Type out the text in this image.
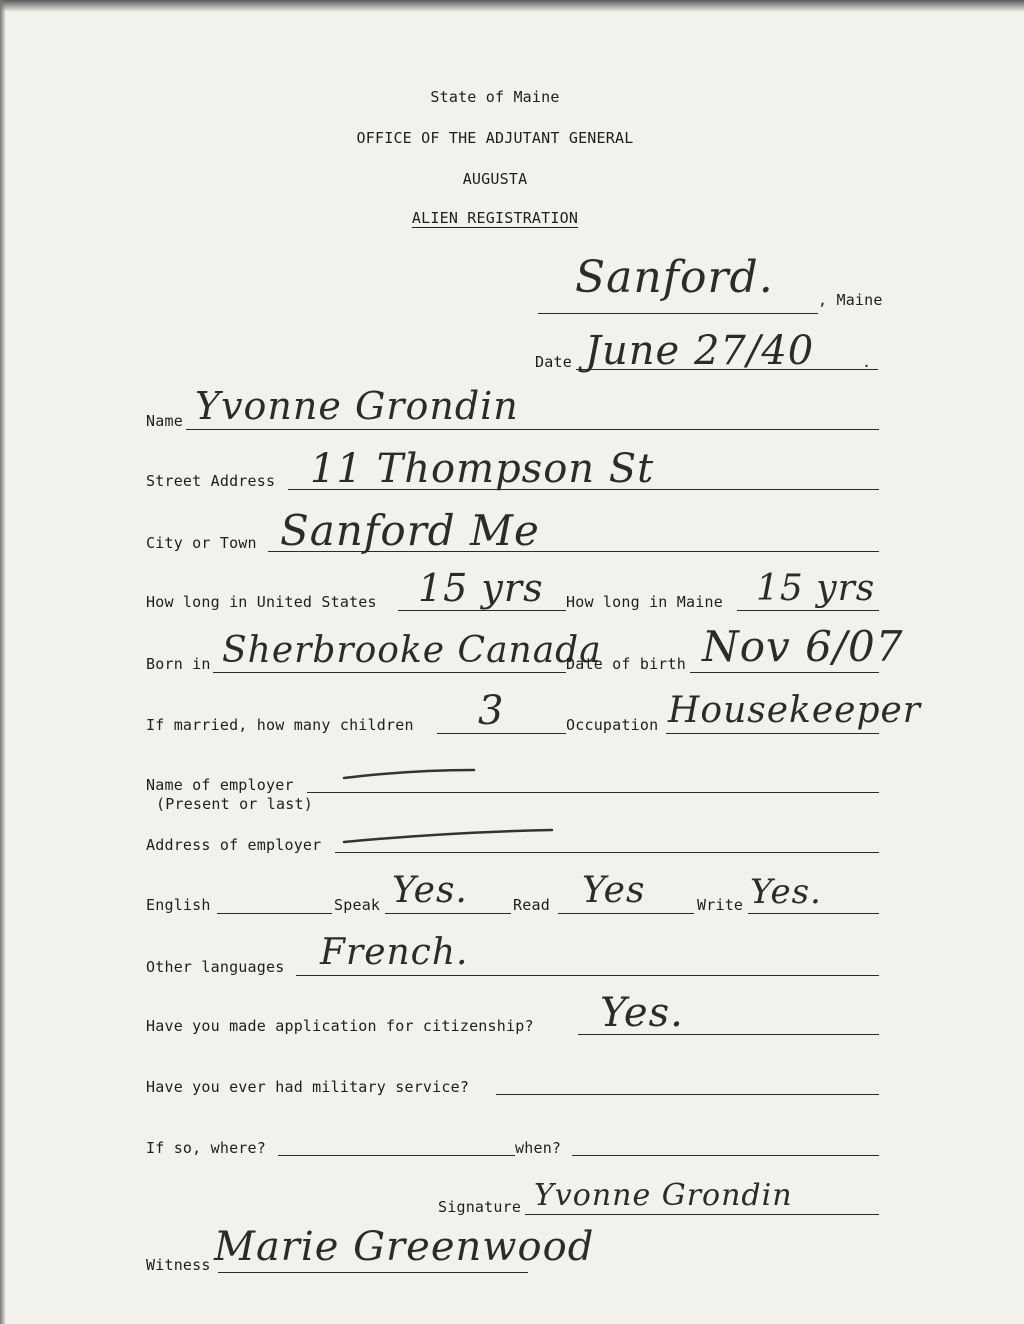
State of Maine
OFFICE OF THE ADJUTANT GENERAL
AUGUSTA
ALIEN REGISTRATION
Sanford.	, Maine
Date June 27/40	.
Name Yvonne Grondin
Street Address 11 Thompson St
City or Town Sanford Me
How long in United States 15 yrs How long in Maine 15 yrs
Born in Sherbrooke Canada
Date of birth Nov 6/07
If married, how many children 3	Occupation Housekeeper
Name of employer
(Present or last)
Address of employer
English	Speak Yes.	Read Yes	Write Yes.
Other languages French.
Have you made application for citizenship? Yes.
Have you ever had military service?
If so, where?	when?
Signature Yvonne Grondin
Witness Marie Greenwood
